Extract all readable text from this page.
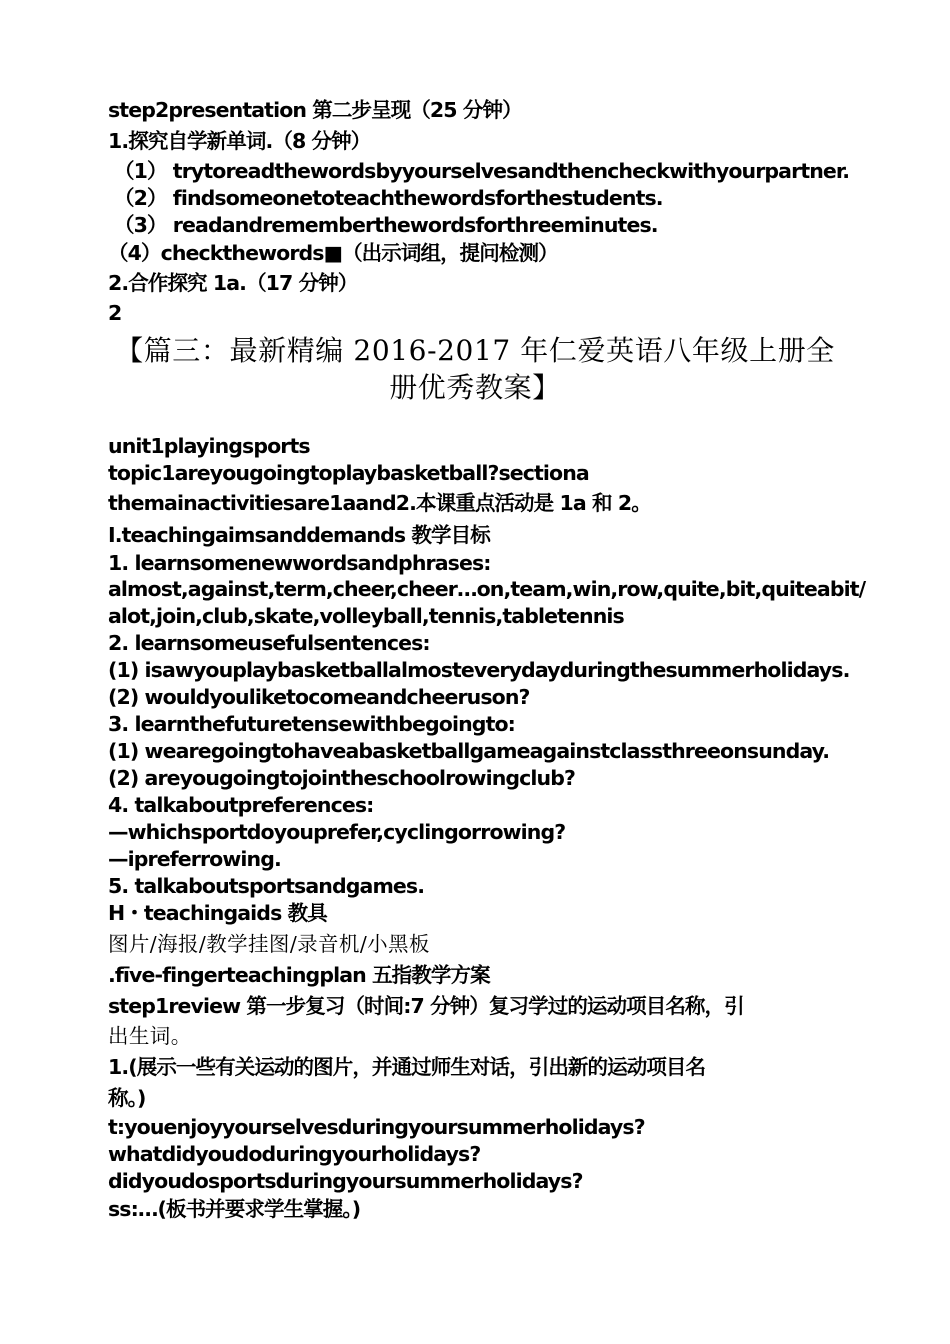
step2presentation 第二步呈现（25 分钟）
1.探究自学新单词.（8 分钟）
（1） trytoreadthewordsbyyourselvesandthencheckwithyourpartner.
（2） findsomeonetoteachthewordsforthestudents.
（3） readandrememberthewordsforthreeminutes.
（4）checkthewords■（出示词组，提问检测）
2.合作探究 1a.（17 分钟）
2
【篇三：最新精编 2016-2017 年仁爱英语八年级上册全
册优秀教案】
unit1playingsports
topic1areyougoingtoplaybasketball?sectiona
themainactivitiesare1aand2.本课重点活动是 1a 和 2。
I.teachingaimsanddemands 教学目标
1. learnsomenewwordsandphrases:
almost,against,term,cheer,cheer…on,team,win,row,quite,bit,quiteabit/
alot,join,club,skate,volleyball,tennis,tabletennis
2. learnsomeusefulsentences:
(1) isawyouplaybasketballalmosteverydayduringthesummerholidays.
(2) wouldyouliketocomeandcheeruson?
3. learnthefuturetensewithbegoingto:
(1) wearegoingtohaveabasketballgameagainstclassthreeonsunday.
(2) areyougoingtojointheschoolrowingclub?
4. talkaboutpreferences:
—whichsportdoyouprefer,cyclingorrowing?
—ipreferrowing.
5. talkaboutsportsandgames.
H・teachingaids 教具
图片/海报/教学挂图/录音机/小黑板
.fīve-fingerteachingplan 五指教学方案
step1review 第一步复习（时间:7 分钟）复习学过的运动项目名称，引
出生词。
1.(展示一些有关运动的图片，并通过师生对话，引出新的运动项目名
称。)
t:youenjoyyourselvesduringyoursummerholidays?
whatdidyoudoduringyourholidays?
didyoudosportsduringyoursummerholidays?
ss:…(板书并要求学生掌握。)
